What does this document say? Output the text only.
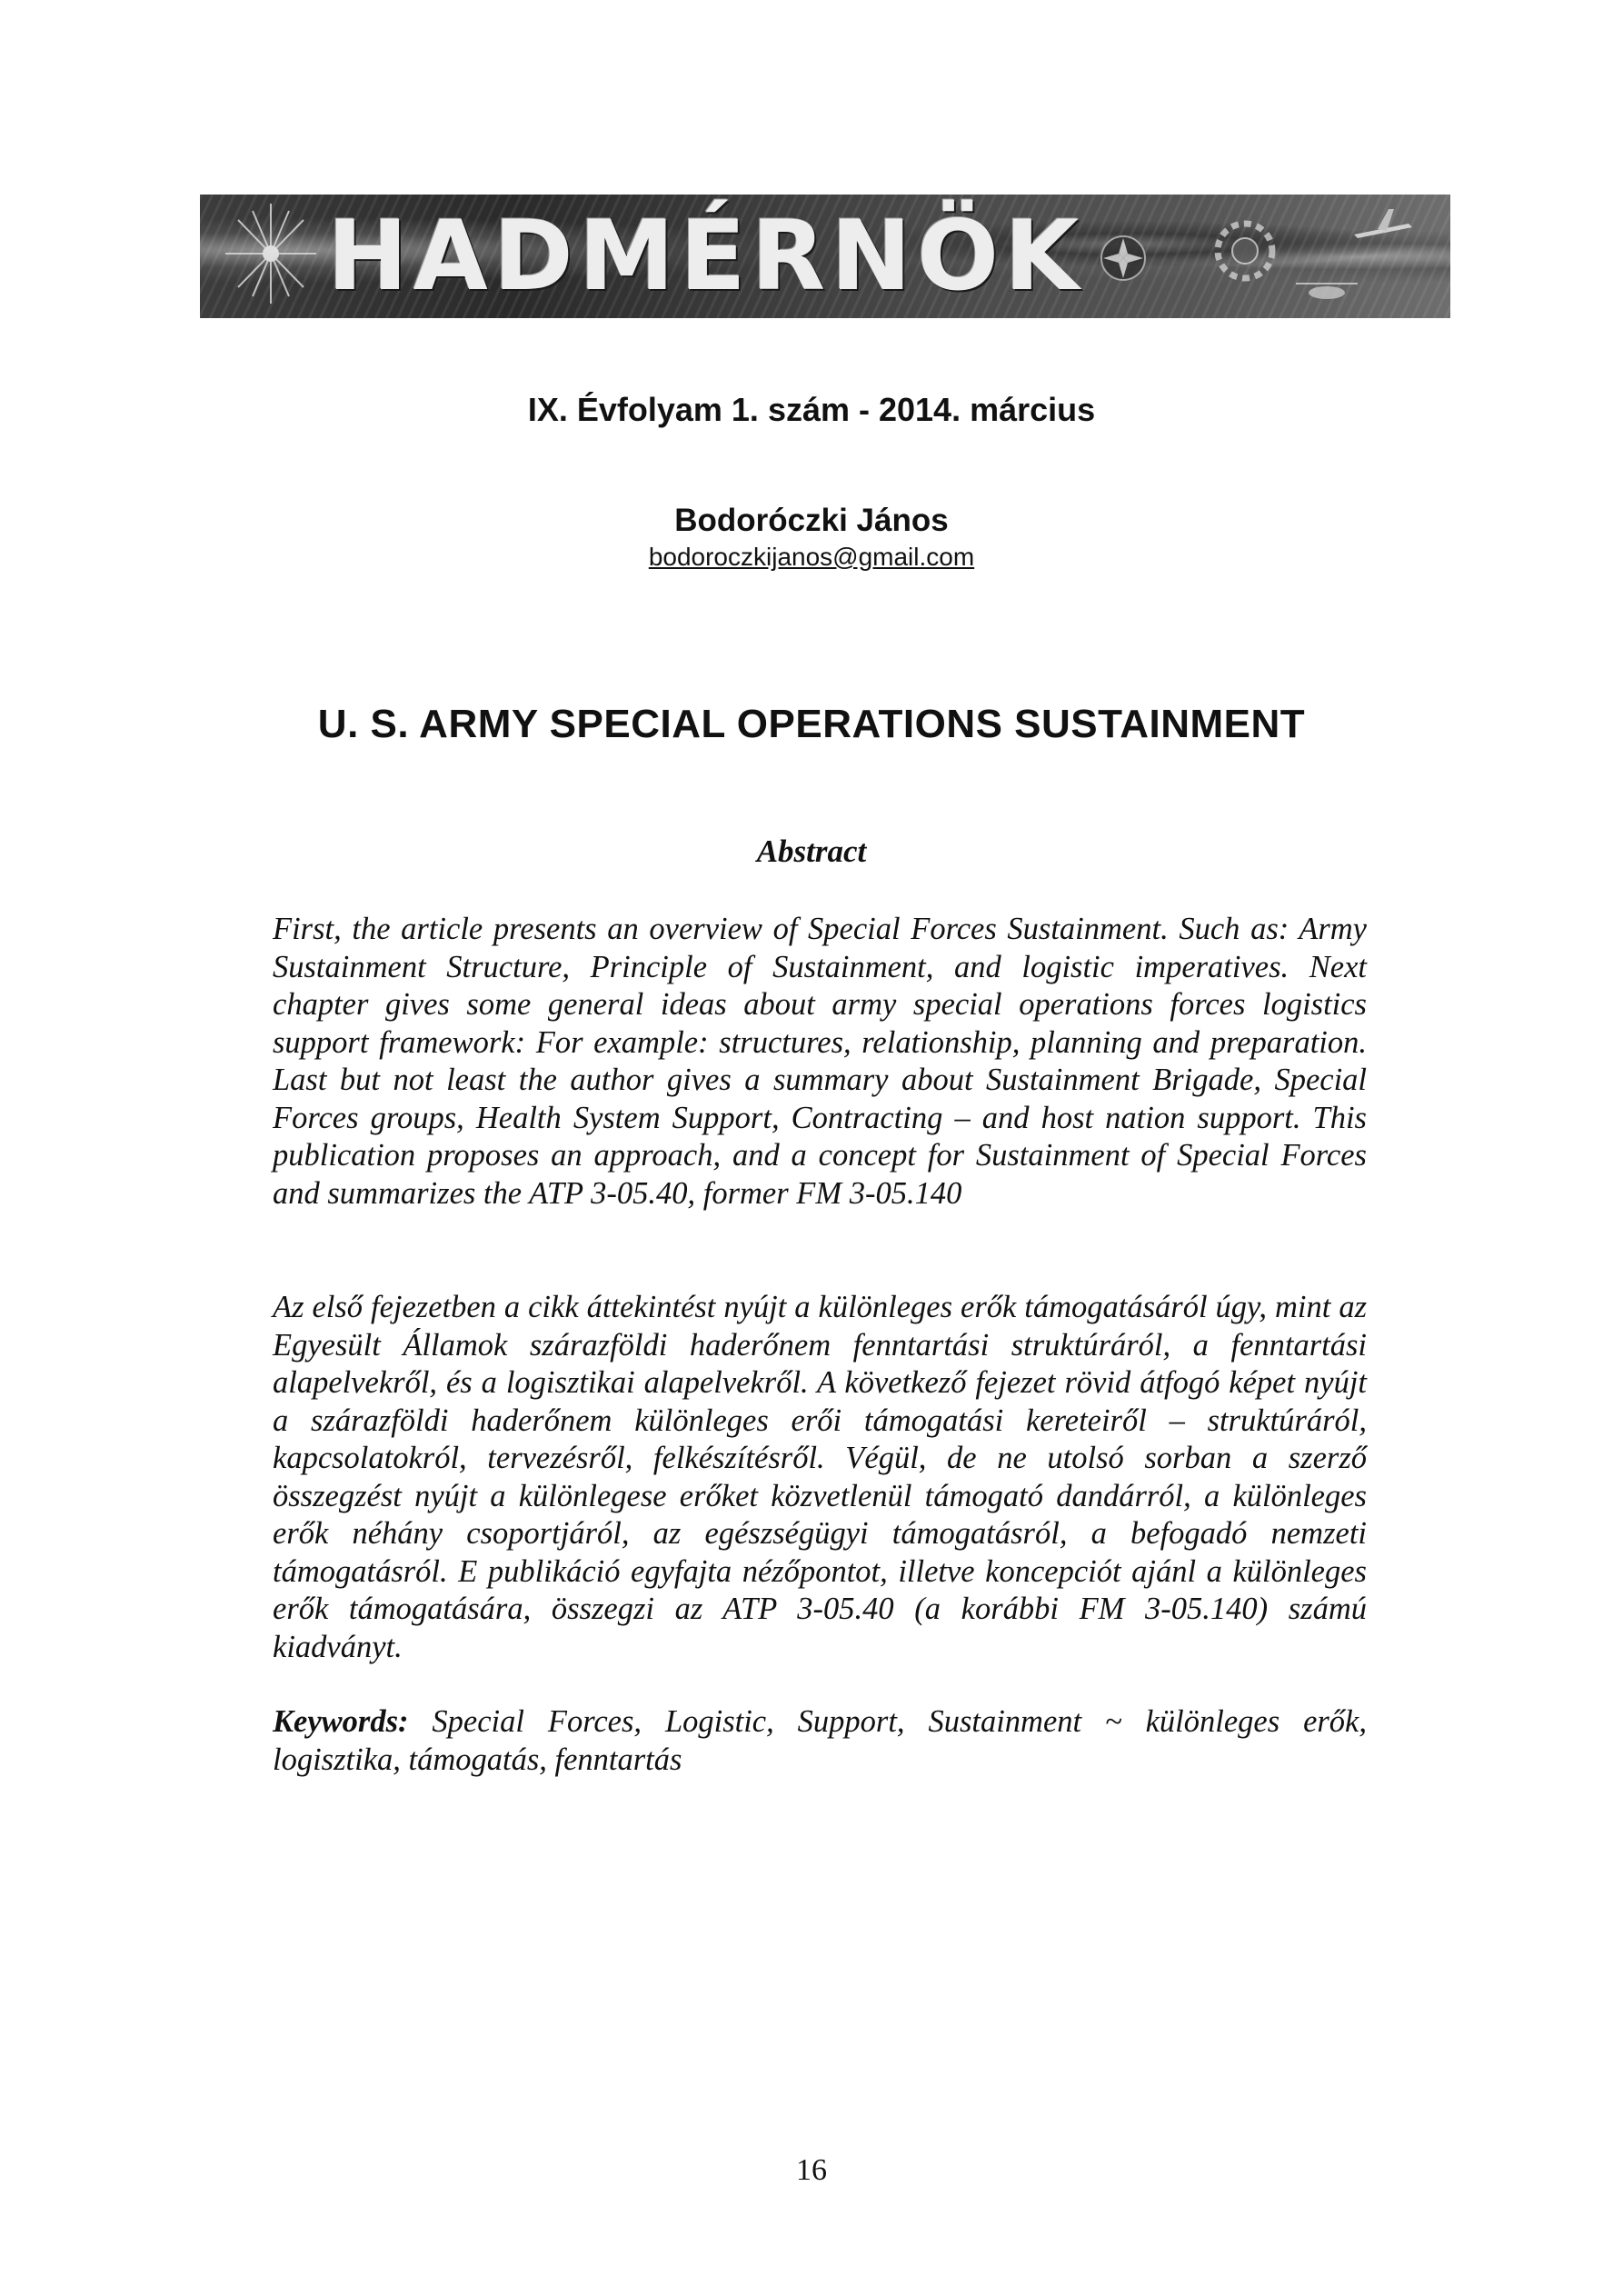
HADMÉRNÖK
IX. Évfolyam 1. szám - 2014. március
Bodoróczki János
bodoroczkijanos@gmail.com
U. S. ARMY SPECIAL OPERATIONS SUSTAINMENT
Abstract

First, the article presents an overview of Special Forces Sustainment. Such as: Army Sustainment Structure, Principle of Sustainment, and logistic imperatives. Next chapter gives some general ideas about army special operations forces logistics support framework: For example: structures, relationship, planning and preparation. Last but not least the author gives a summary about Sustainment Brigade, Special Forces groups, Health System Support, Contracting – and host nation support. This publication proposes an approach, and a concept for Sustainment of Special Forces and summarizes the ATP 3-05.40, former FM 3-05.140

Az első fejezetben a cikk áttekintést nyújt a különleges erők támogatásáról úgy, mint az Egyesült Államok szárazföldi haderőnem fenntartási struktúráról, a fenntartási alapelvekről, és a logisztikai alapelvekről. A következő fejezet rövid átfogó képet nyújt a szárazföldi haderőnem különleges erői támogatási kereteiről – struktúráról, kapcsolatokról, tervezésről, felkészítésről. Végül, de ne utolsó sorban a szerző összegzést nyújt a különlegese erőket közvetlenül támogató dandárról, a különleges erők néhány csoportjáról, az egészségügyi támogatásról, a befogadó nemzeti támogatásról. E publikáció egyfajta nézőpontot, illetve koncepciót ajánl a különleges erők támogatására, összegzi az ATP 3-05.40 (a korábbi FM 3-05.140) számú kiadványt.

Keywords: Special Forces, Logistic, Support, Sustainment ~ különleges erők, logisztika, támogatás, fenntartás

16
